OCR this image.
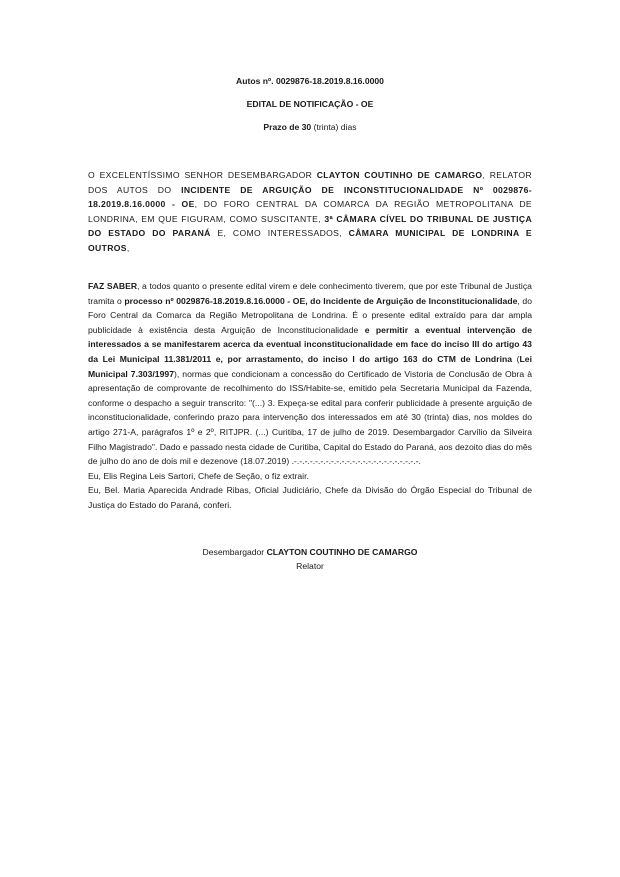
Autos nº. 0029876-18.2019.8.16.0000
EDITAL DE NOTIFICAÇÃO - OE
Prazo de 30 (trinta) dias

O EXCELENTÍSSIMO SENHOR DESEMBARGADOR CLAYTON COUTINHO DE CAMARGO, RELATOR DOS AUTOS DO INCIDENTE DE ARGUIÇÃO DE INCONSTITUCIONALIDADE Nº 0029876-18.2019.8.16.0000 - OE, DO FORO CENTRAL DA COMARCA DA REGIÃO METROPOLITANA DE LONDRINA, EM QUE FIGURAM, COMO SUSCITANTE, 3ª CÂMARA CÍVEL DO TRIBUNAL DE JUSTIÇA DO ESTADO DO PARANÁ E, COMO INTERESSADOS, CÂMARA MUNICIPAL DE LONDRINA E OUTROS,

FAZ SABER, a todos quanto o presente edital virem e dele conhecimento tiverem, que por este Tribunal de Justiça tramita o processo nº 0029876-18.2019.8.16.0000 - OE, do Incidente de Arguição de Inconstitucionalidade, do Foro Central da Comarca da Região Metropolitana de Londrina. É o presente edital extraído para dar ampla publicidade à existência desta Arguição de Inconstitucionalidade e permitir a eventual intervenção de interessados a se manifestarem acerca da eventual inconstitucionalidade em face do inciso III do artigo 43 da Lei Municipal 11.381/2011 e, por arrastamento, do inciso I do artigo 163 do CTM de Londrina (Lei Municipal 7.303/1997), normas que condicionam a concessão do Certificado de Vistoria de Conclusão de Obra à apresentação de comprovante de recolhimento do ISS/Habite-se, emitido pela Secretaria Municipal da Fazenda, conforme o despacho a seguir transcrito: "(...) 3. Expeça-se edital para conferir publicidade à presente arguição de inconstitucionalidade, conferindo prazo para intervenção dos interessados em até 30 (trinta) dias, nos moldes do artigo 271-A, parágrafos 1º e 2º, RITJPR. (...) Curitiba, 17 de julho de 2019. Desembargador Carvílio da Silveira Filho Magistrado". Dado e passado nesta cidade de Curitiba, Capital do Estado do Paraná, aos dezoito dias do mês de julho do ano de dois mil e dezenove (18.07.2019) .-.-.-.-.-.-.-.-.-.-.-.-.-.-.-.-.-.-.-.-.-.-.-.-.

Eu, Elis Regina Leis Sartori, Chefe de Seção, o fiz extrair.

Eu, Bel. Maria Aparecida Andrade Ribas, Oficial Judiciário, Chefe da Divisão do Órgão Especial do Tribunal de Justiça do Estado do Paraná, conferi.

Desembargador CLAYTON COUTINHO DE CAMARGO
Relator
